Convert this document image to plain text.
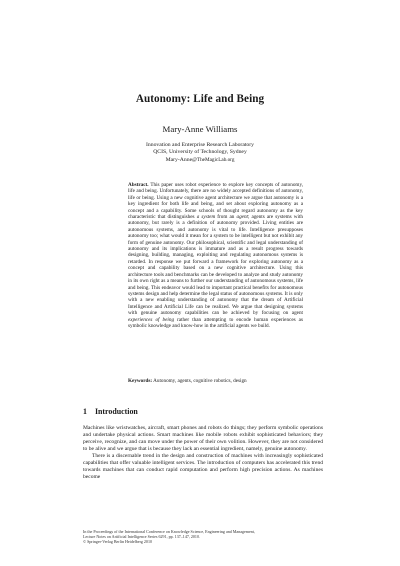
Autonomy: Life and Being
Mary-Anne Williams
Innovation and Enterprise Research Laboratory
QCIS, University of Technology, Sydney
Mary-Anne@TheMagicLab.org
Abstract. This paper uses robot experience to explore key concepts of autonomy, life and being. Unfortunately, there are no widely accepted definitions of autonomy, life or being. Using a new cognitive agent architecture we argue that autonomy is a key ingredient for both life and being, and set about exploring autonomy as a concept and a capability. Some schools of thought regard autonomy as the key characteristic that distinguishes a system from an agent; agents are systems with autonomy, but rarely is a definition of autonomy provided. Living entities are autonomous systems, and autonomy is vital to life. Intelligence presupposes autonomy too; what would it mean for a system to be intelligent but not exhibit any form of genuine autonomy. Our philosophical, scientific and legal understanding of autonomy and its implications is immature and as a result progress towards designing, building, managing, exploiting and regulating autonomous systems is retarded. In response we put forward a framework for exploring autonomy as a concept and capability based on a new cognitive architecture. Using this architecture tools and benchmarks can be developed to analyze and study autonomy in its own right as a means to further our understanding of autonomous systems, life and being. This endeavor would lead to important practical benefits for autonomous systems design and help determine the legal status of autonomous systems. It is only with a new enabling understanding of autonomy that the dream of Artificial Intelligence and Artificial Life can be realized. We argue that designing systems with genuine autonomy capabilities can be achieved by focusing on agent experiences of being rather than attempting to encode human experiences as symbolic knowledge and know-how in the artificial agents we build.
Keywords: Autonomy, agents, cognitive robotics, design
1 Introduction

Machines like wristwatches, aircraft, smart phones and robots do things; they perform symbolic operations and undertake physical actions. Smart machines like mobile robots exhibit sophisticated behaviors; they perceive, recognize, and can move under the power of their own volition. However, they are not considered to be alive and we argue that is because they lack an essential ingredient, namely, genuine autonomy.

There is a discernable trend in the design and construction of machines with increasingly sophisticated capabilities that offer valuable intelligent services. The introduction of computers has accelerated this trend towards machines that can conduct rapid computation and perform high precision actions. As machines become

In the Proceedings of the International Conference on Knowledge Science, Engineering and Management,
Lecture Notes on Artificial Intelligence Series 6291, pp. 137–147, 2010.
© Springer-Verlag Berlin Heidelberg 2010
